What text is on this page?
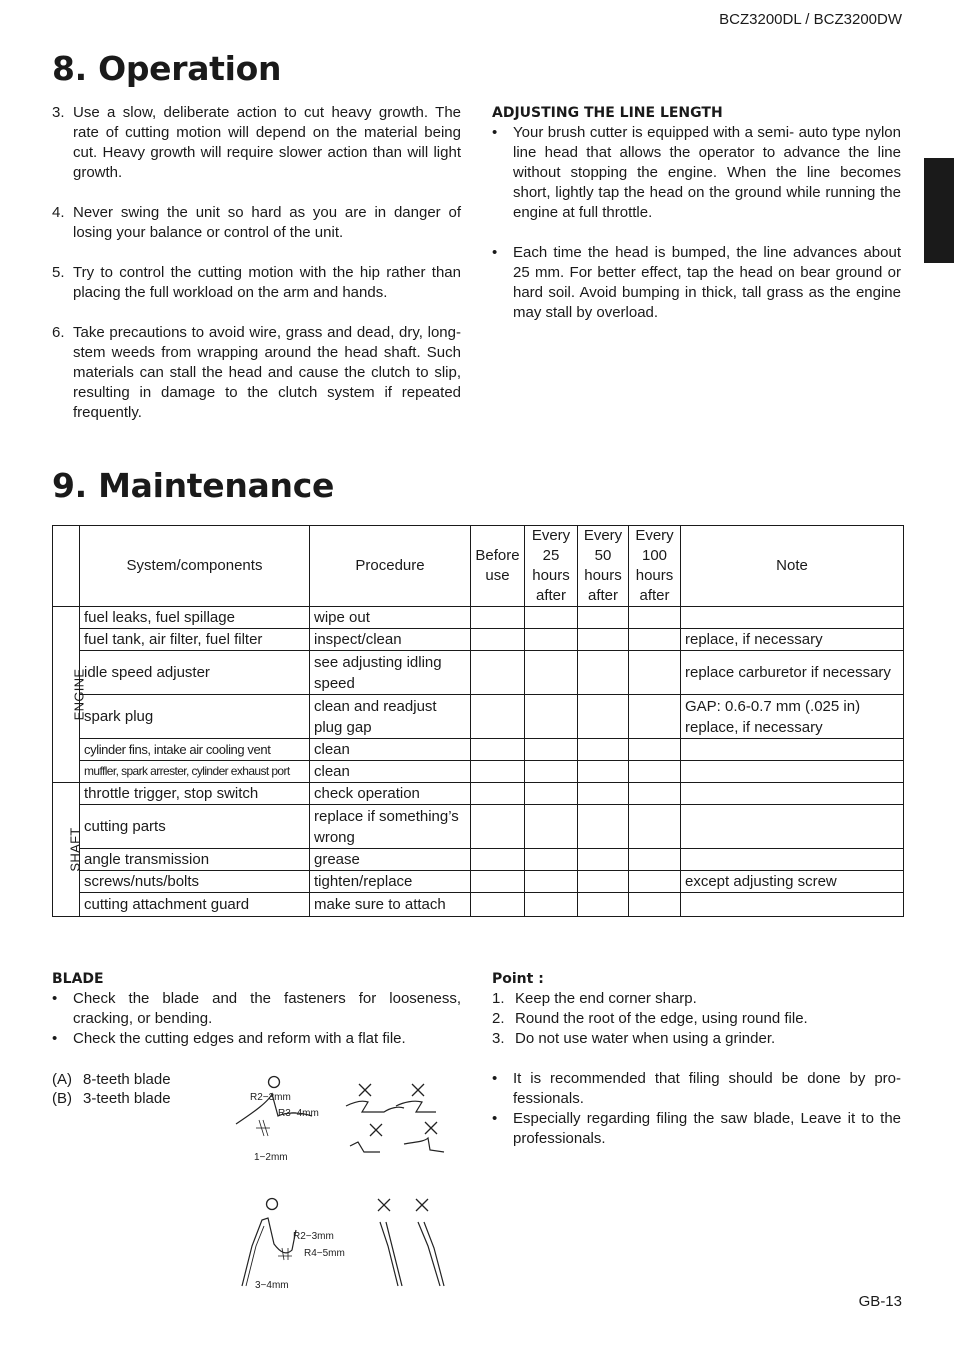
BCZ3200DL / BCZ3200DW
8. Operation
3. Use a slow, deliberate action to cut heavy growth. The rate of cutting motion will depend on the material being cut. Heavy growth will require slower action than will light growth.
4. Never swing the unit so hard as you are in danger of losing your balance or control of the unit.
5. Try to control the cutting motion with the hip rather than placing the full workload on the arm and hands.
6. Take precautions to avoid wire, grass and dead, dry, long-stem weeds from wrapping around the head shaft. Such materials can stall the head and cause the clutch to slip, resulting in damage to the clutch system if repeated frequently.

ADJUSTING THE LINE LENGTH

• Your brush cutter is equipped with a semi- auto type nylon line head that allows the operator to advance the line without stopping the engine. When the line becomes short, lightly tap the head on the ground while running the engine at full throttle.
• Each time the head is bumped, the line advances about 25 mm. For better effect, tap the head on bear ground or hard soil. Avoid bumping in thick, tall grass as the engine may stall by overload.
9. Maintenance
	System/components	Procedure	Before use	Every 25 hours after	Every 50 hours after	Every 100 hours after	Note
ENGINE	fuel leaks, fuel spillage	wipe out					
	fuel tank, air filter, fuel filter	inspect/clean					replace, if necessary
	idle speed adjuster	see adjusting idling speed					replace carburetor if necessary
	spark plug	clean and readjust plug gap					GAP: 0.6-0.7 mm (.025 in) replace, if necessary
	cylinder fins, intake air cooling vent	clean					
	muffler, spark arrester, cylinder exhaust port	clean					
SHAFT	throttle trigger, stop switch	check operation					
	cutting parts	replace if something’s wrong					
	angle transmission	grease					
	screws/nuts/bolts	tighten/replace					except adjusting screw
	cutting attachment guard	make sure to attach					

BLADE

• Check the blade and the fasteners for looseness, cracking, or bending.
• Check the cutting edges and reform with a flat file.
(A) 8-teeth blade
(B) 3-teeth blade	R2−3mm
R3−4mm
1−2mm
R2−3mm
R4−5mm
3−4mm

Point :

1. Keep the end corner sharp.
2. Round the root of the edge, using round file.
3. Do not use water when using a grinder.
• It is recommended that filing should be done by pro-fessionals.
• Especially regarding filing the saw blade, Leave it to the professionals.
GB-13
